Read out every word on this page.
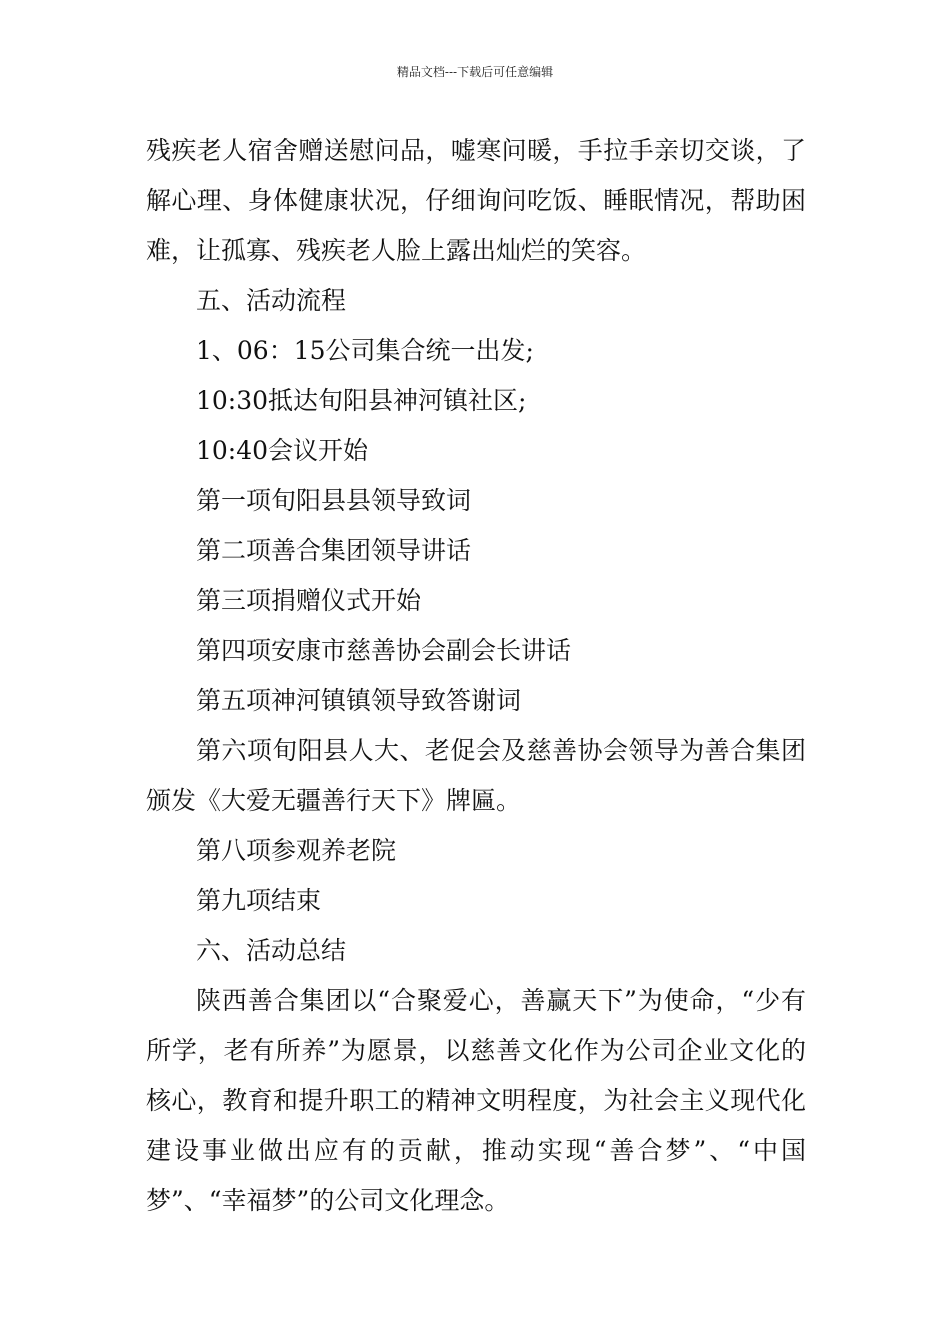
精品文档---下载后可任意编辑

残疾老人宿舍赠送慰问品，嘘寒问暖，手拉手亲切交谈，了解心理、身体健康状况，仔细询问吃饭、睡眠情况，帮助困难，让孤寡、残疾老人脸上露出灿烂的笑容。

五、活动流程

1、06：15公司集合统一出发;

10:30抵达旬阳县神河镇社区;

10:40会议开始

第一项旬阳县县领导致词

第二项善合集团领导讲话

第三项捐赠仪式开始

第四项安康市慈善协会副会长讲话

第五项神河镇镇领导致答谢词

第六项旬阳县人大、老促会及慈善协会领导为善合集团颁发《大爱无疆善行天下》牌匾。

第八项参观养老院

第九项结束

六、活动总结

陕西善合集团以“合聚爱心，善赢天下”为使命，“少有所学，老有所养”为愿景，以慈善文化作为公司企业文化的核心，教育和提升职工的精神文明程度，为社会主义现代化建设事业做出应有的贡献，推动实现“善合梦”、“中国梦”、“幸福梦”的公司文化理念。
